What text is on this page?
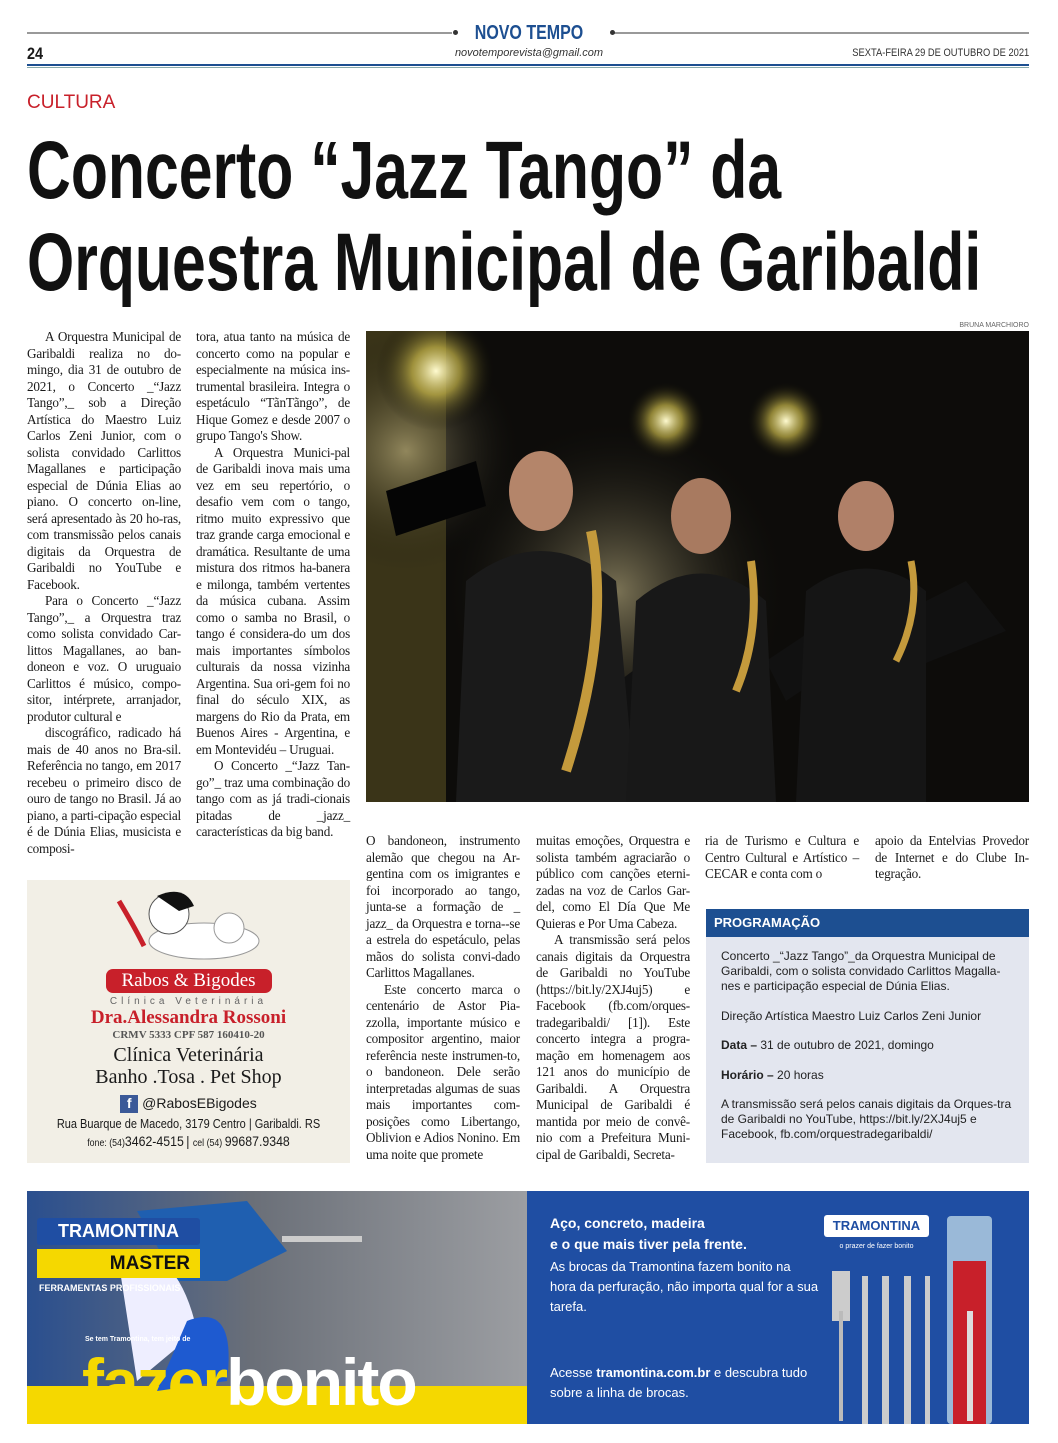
NOVO TEMPO
24	novotemporevista@gmail.com	SEXTA-FEIRA 29 DE OUTUBRO DE 2021
CULTURA
Concerto “Jazz Tango” da
Orquestra Municipal de Garibaldi

A Orquestra Municipal de Garibaldi realiza no do-mingo, dia 31 de outubro de 2021, o Concerto _“Jazz Tango”,_ sob a Direção Artística do Maestro Luiz Carlos Zeni Junior, com o solista convidado Carlittos Magallanes e participação especial de Dúnia Elias ao piano. O concerto on-line, será apresentado às 20 ho-ras, com transmissão pelos canais digitais da Orquestra de Garibaldi no YouTube e Facebook.

Para o Concerto _“Jazz Tango”,_ a Orquestra traz como solista convidado Car-littos Magallanes, ao ban-doneon e voz. O uruguaio Carlittos é músico, compo-sitor, intérprete, arranjador, produtor cultural e

discográfico, radicado há mais de 40 anos no Bra-sil. Referência no tango, em 2017 recebeu o primeiro disco de ouro de tango no Brasil. Já ao piano, a parti-cipação especial é de Dúnia Elias, musicista e composi-

tora, atua tanto na música de concerto como na popular e especialmente na música ins-trumental brasileira. Integra o espetáculo “TãnTãngo”, de Hique Gomez e desde 2007 o grupo Tango's Show.

A Orquestra Munici-pal de Garibaldi inova mais uma vez em seu repertório, o desafio vem com o tango, ritmo muito expressivo que traz grande carga emocional e dramática. Resultante de uma mistura dos ritmos ha-banera e milonga, também vertentes da música cubana. Assim como o samba no Brasil, o tango é considera-do um dos mais importantes símbolos culturais da nossa vizinha Argentina. Sua ori-gem foi no final do século XIX, as margens do Rio da Prata, em Buenos Aires - Argentina, e em Montevidéu – Uruguai.

O Concerto _“Jazz Tan-go”_ traz uma combinação do tango com as já tradi-cionais pitadas de _jazz_ características da big band.

O bandoneon, instrumento alemão que chegou na Ar-gentina com os imigrantes e foi incorporado ao tango, junta-se a formação de _ jazz_ da Orquestra e torna--se a estrela do espetáculo, pelas mãos do solista convi-dado Carlittos Magallanes.

Este concerto marca o centenário de Astor Pia-zzolla, importante músico e compositor argentino, maior referência neste instrumen-to, o bandoneon. Dele serão interpretadas algumas de suas mais importantes com-posições como Libertango, Oblivion e Adios Nonino. Em uma noite que promete

muitas emoções, Orquestra e solista também agraciarão o público com canções eterni-zadas na voz de Carlos Gar-del, como El Día Que Me Quieras e Por Uma Cabeza.

A transmissão será pelos canais digitais da Orquestra de Garibaldi no YouTube (https://bit.ly/2XJ4uj5) e Facebook (fb.com/orques-tradegaribaldi/ [1]). Este concerto integra a progra-mação em homenagem aos 121 anos do município de Garibaldi. A Orquestra Municipal de Garibaldi é mantida por meio de convê-nio com a Prefeitura Muni-cipal de Garibaldi, Secreta-

ria de Turismo e Cultura e Centro Cultural e Artístico – CECAR e conta com o

apoio da Entelvias Provedor de Internet e do Clube In-tegração.

BRUNA MARCHIORO
Rabos & Bigodes
Clínica Veterinária
Dra.Alessandra Rossoni
CRMV 5333 CPF 587 160410-20
Clínica Veterinária
Banho .Tosa . Pet Shop
f @RabosEBigodes
Rua Buarque de Macedo, 3179 Centro | Garibaldi. RS
fone: (54)3462-4515 | cel (54) 99687.9348
PROGRAMAÇÃO

Concerto _“Jazz Tango”_da Orquestra Municipal de Garibaldi, com o solista convidado Carlittos Magalla-nes e participação especial de Dúnia Elias.

Direção Artística Maestro Luiz Carlos Zeni Junior

Data – 31 de outubro de 2021, domingo

Horário – 20 horas

A transmissão será pelos canais digitais da Orques-tra de Garibaldi no YouTube, https://bit.ly/2XJ4uj5 e Facebook, fb.com/orquestradegaribaldi/

TRAMONTINA
MASTER
FERRAMENTAS PROFISSIONAIS
Se tem Tramontina, tem jeito de
fazerbonito
Aço, concreto, madeira
e o que mais tiver pela frente.
As brocas da Tramontina fazem bonito na hora da perfuração, não importa qual for a sua tarefa.
Acesse tramontina.com.br e descubra tudo sobre a linha de brocas.
TRAMONTINA
o prazer de fazer bonito
